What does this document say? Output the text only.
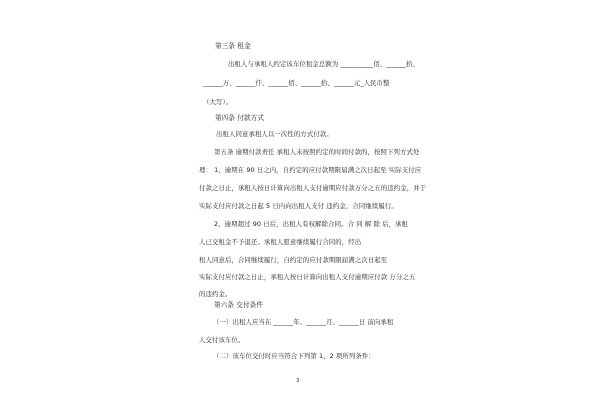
第三条 租金
出租人与承租人约定该车位租金总额为 __________佰、______拾、
______万、______仟、______佰、______拾、______元_人民币整
（大写）。
第四条 付款方式
出租人同意承租人以一次性的方式付款。
第五条 逾期付款责任 承租人未按照约定的时间付款的，按照下列方式处
理： 1、逾期在 90 日之内，自约定的应付款期限届满之次日起至 实际支付应
付款之日止，承租人按日计算向出租人支付逾期应付款万分之五的违约金，并于
实际支付应付款之日起 5 日内向出租人支付 违约金，合同继续履行。
2、逾期超过 90 日后，出租人有权解除合同。合 同 解 除 后，承租
人已交租金不予退还。承租人愿意继续履行合同的，经出
租人同意后，合同继续履行，自约定的应付款期限届满之次日起至
实际支付应付款之日止，承租人按日计算向出租人支付逾期应付款 万分之五
的违约金。
第六条 交付条件
（一）出租人应当在 ______年、______月、______日 前向承租
人交付该车位。
（二）该车位交付时应当符合下列第 1、2 项所列条件：
3
